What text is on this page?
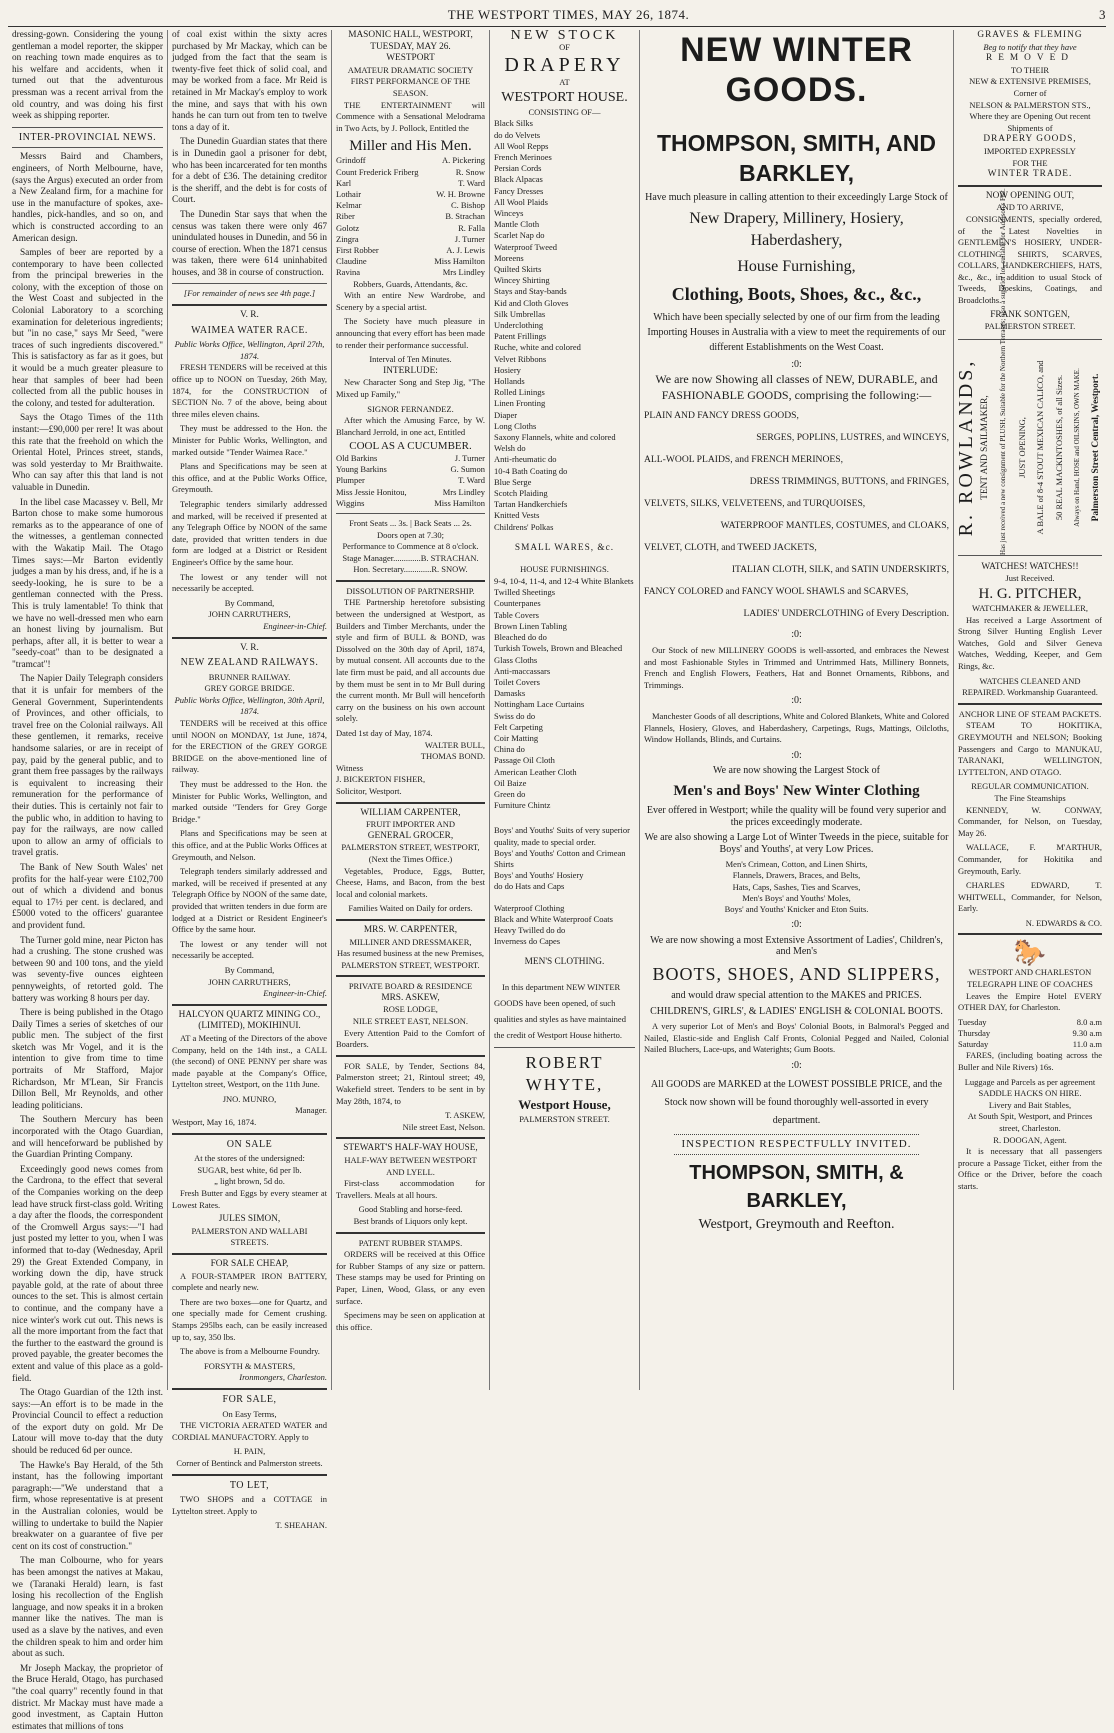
THE WESTPORT TIMES, MAY 26, 1874.	3

dressing-gown. Considering the young gentleman a model reporter, the skipper on reaching town made enquires as to his welfare and accidents, when it turned out that the adventurous pressman was a recent arrival from the old country, and was doing his first week as shipping reporter.

INTER-PROVINCIAL NEWS.

Messrs Baird and Chambers, engineers, of North Melbourne, have, (says the Argus) executed an order from a New Zealand firm, for a machine for use in the manufacture of spokes, axe-handles, pick-handles, and so on, and which is constructed according to an American design.

Samples of beer are reported by a contemporary to have been collected from the principal breweries in the colony, with the exception of those on the West Coast and subjected in the Colonial Laboratory to a scorching examination for deleterious ingredients; but "in no case," says Mr Seed, "were traces of such ingredients discovered." This is satisfactory as far as it goes, but it would be a much greater pleasure to hear that samples of beer had been collected from all the public houses in the colony, and tested for adulteration.

Says the Otago Times of the 11th instant:—£90,000 per rere! It was about this rate that the freehold on which the Oriental Hotel, Princes street, stands, was sold yesterday to Mr Braithwaite. Who can say after this that land is not valuable in Dunedin.

In the libel case Macassey v. Bell, Mr Barton chose to make some humorous remarks as to the appearance of one of the witnesses, a gentleman connected with the Wakatip Mail. The Otago Times says:—Mr Barton evidently judges a man by his dress, and, if he is a seedy-looking, he is sure to be a gentleman connected with the Press. This is truly lamentable! To think that we have no well-dressed men who earn an honest living by journalism. But perhaps, after all, it is better to wear a "seedy-coat" than to be designated a "tramcat"!

The Napier Daily Telegraph considers that it is unfair for members of the General Government, Superintendents of Provinces, and other officials, to travel free on the Colonial railways. All these gentlemen, it remarks, receive handsome salaries, or are in receipt of pay, paid by the general public, and to grant them free passages by the railways is equivalent to increasing their remuneration for the performance of their duties. This is certainly not fair to the public who, in addition to having to pay for the railways, are now called upon to allow an army of officials to travel gratis.

The Bank of New South Wales' net profits for the half-year were £102,700 out of which a dividend and bonus equal to 17½ per cent. is declared, and £5000 voted to the officers' guarantee and provident fund.

The Turner gold mine, near Picton has had a crushing. The stone crushed was between 90 and 100 tons, and the yield was seventy-five ounces eighteen pennyweights, of retorted gold. The battery was working 8 hours per day.

There is being published in the Otago Daily Times a series of sketches of our public men. The subject of the first sketch was Mr Vogel, and it is the intention to give from time to time portraits of Mr Stafford, Major Richardson, Mr M'Lean, Sir Francis Dillon Bell, Mr Reynolds, and other leading politicians.

The Southern Mercury has been incorporated with the Otago Guardian, and will henceforward be published by the Guardian Printing Company.

Exceedingly good news comes from the Cardrona, to the effect that several of the Companies working on the deep lead have struck first-class gold. Writing a day after the floods, the correspondent of the Cromwell Argus says:—"I had just posted my letter to you, when I was informed that to-day (Wednesday, April 29) the Great Extended Company, in working down the dip, have struck payable gold, at the rate of about three ounces to the set. This is almost certain to continue, and the company have a nice winter's work cut out. This news is all the more important from the fact that the further to the eastward the ground is proved payable, the greater becomes the extent and value of this place as a gold-field.

The Otago Guardian of the 12th inst. says:—An effort is to be made in the Provincial Council to effect a reduction of the export duty on gold. Mr De Latour will move to-day that the duty should be reduced 6d per ounce.

The Hawke's Bay Herald, of the 5th instant, has the following important paragraph:—"We understand that a firm, whose representative is at present in the Australian colonies, would be willing to undertake to build the Napier breakwater on a guarantee of five per cent on its cost of construction."

The man Colbourne, who for years has been amongst the natives at Makau, we (Taranaki Herald) learn, is fast losing his recollection of the English language, and now speaks it in a broken manner like the natives. The man is used as a slave by the natives, and even the children speak to him and order him about as such.

Mr Joseph Mackay, the proprietor of the Bruce Herald, Otago, has purchased "the coal quarry" recently found in that district. Mr Mackay must have made a good investment, as Captain Hutton estimates that millions of tons

of coal exist within the sixty acres purchased by Mr Mackay, which can be judged from the fact that the seam is twenty-five feet thick of solid coal, and may be worked from a face. Mr Reid is retained in Mr Mackay's employ to work the mine, and says that with his own hands he can turn out from ten to twelve tons a day of it.

The Dunedin Guardian states that there is in Dunedin gaol a prisoner for debt, who has been incarcerated for ten months for a debt of £36. The detaining creditor is the sheriff, and the debt is for costs of Court.

The Dunedin Star says that when the census was taken there were only 467 unindulated houses in Dunedin, and 56 in course of erection. When the 1871 census was taken, there were 614 uninhabited houses, and 38 in course of construction.

[For remainder of news see 4th page.]
V. R.
WAIMEA WATER RACE.
Public Works Office, Wellington, April 27th, 1874.

FRESH TENDERS will be received at this office up to NOON on Tuesday, 26th May, 1874, for the CONSTRUCTION of SECTION No. 7 of the above, being about three miles eleven chains.

They must be addressed to the Hon. the Minister for Public Works, Wellington, and marked outside "Tender Waimea Race."

Plans and Specifications may be seen at this office, and at the Public Works Office, Greymouth.

Telegraphic tenders similarly addressed and marked, will be received if presented at any Telegraph Office by NOON of the same date, provided that written tenders in due form are lodged at a District or Resident Engineer's Office by the same hour.

The lowest or any tender will not necessarily be accepted.

By Command,
JOHN CARRUTHERS,
Engineer-in-Chief.
V. R.
NEW ZEALAND RAILWAYS.
BRUNNER RAILWAY.
GREY GORGE BRIDGE.
Public Works Office, Wellington, 30th April, 1874.

TENDERS will be received at this office until NOON on MONDAY, 1st June, 1874, for the ERECTION of the GREY GORGE BRIDGE on the above-mentioned line of railway.

They must be addressed to the Hon. the Minister for Public Works, Wellington, and marked outside "Tenders for Grey Gorge Bridge."

Plans and Specifications may be seen at this office, and at the Public Works Offices at Greymouth, and Nelson.

Telegraph tenders similarly addressed and marked, will be received if presented at any Telegraph Office by NOON of the same date, provided that written tenders in due form are lodged at a District or Resident Engineer's Office by the same hour.

The lowest or any tender will not necessarily be accepted.

By Command,
JOHN CARRUTHERS,
Engineer-in-Chief.
HALCYON QUARTZ MINING CO., (LIMITED), MOKIHINUI.

AT a Meeting of the Directors of the above Company, held on the 14th inst., a CALL (the second) of ONE PENNY per share was made payable at the Company's Office, Lyttelton street, Westport, on the 11th June.

JNO. MUNRO,
Manager.
Westport, May 16, 1874.
ON SALE
At the stores of the undersigned:
SUGAR, best white, 6d per lb.
„ light brown, 5d do.

Fresh Butter and Eggs by every steamer at Lowest Rates.

JULES SIMON,
PALMERSTON AND WALLABI STREETS.
FOR SALE CHEAP,

A FOUR-STAMPER IRON BATTERY, complete and nearly new.

There are two boxes—one for Quartz, and one specially made for Cement crushing. Stamps 295lbs each, can be easily increased up to, say, 350 lbs.

The above is from a Melbourne Foundry.

FORSYTH & MASTERS,
Ironmongers, Charleston.
FOR SALE,
On Easy Terms,

THE VICTORIA AERATED WATER and CORDIAL MANUFACTORY. Apply to

H. PAIN,
Corner of Bentinck and Palmerston streets.
TO LET,

TWO SHOPS and a COTTAGE in Lyttelton street. Apply to

T. SHEAHAN.
MASONIC HALL, WESTPORT,
TUESDAY, MAY 26.
WESTPORT
AMATEUR DRAMATIC SOCIETY
FIRST PERFORMANCE OF THE SEASON.

THE ENTERTAINMENT will Commence with a Sensational Melodrama in Two Acts, by J. Pollock, Entitled the

Miller and His Men.
Grindoff	A. Pickering
Count Frederick Friberg	R. Snow
Karl	T. Ward
Lothair	W. H. Browne
Kelmar	C. Bishop
Riber	B. Strachan
Golotz	R. Falla
Zingra	J. Turner
First Robber	A. J. Lewis
Claudine	Miss Hamilton
Ravina	Mrs Lindley
Robbers, Guards, Attendants, &c.

With an entire New Wardrobe, and Scenery by a special artist.

The Society have much pleasure in announcing that every effort has been made to render their performance successful.

Interval of Ten Minutes.
INTERLUDE:

New Character Song and Step Jig, "The Mixed up Family,"

SIGNOR FERNANDEZ.

After which the Amusing Farce, by W. Blanchard Jerrold, in one act, Entitled

COOL AS A CUCUMBER.
Old Barkins	J. Turner
Young Barkins	G. Sumon
Plumper	T. Ward
Miss Jessie Honitou,	Mrs Lindley
Wiggins	Miss Hamilton
Front Seats ... 3s. | Back Seats ... 2s.
Doors open at 7.30;
Performance to Commence at 8 o'clock.
Stage Manager.............B. STRACHAN.
Hon. Secretary.............R. SNOW.
DISSOLUTION OF PARTNERSHIP.

THE Partnership heretofore subsisting between the undersigned at Westport, as Builders and Timber Merchants, under the style and firm of BULL & BOND, was Dissolved on the 30th day of April, 1874, by mutual consent. All accounts due to the late firm must be paid, and all accounts due by them must be sent in to Mr Bull during the current month. Mr Bull will henceforth carry on the business on his own account solely.

Dated 1st day of May, 1874.
WALTER BULL,
THOMAS BOND.
Witness
J. BICKERTON FISHER,
Solicitor, Westport.
WILLIAM CARPENTER,
FRUIT IMPORTER AND
GENERAL GROCER,
PALMERSTON STREET, WESTPORT,
(Next the Times Office.)

Vegetables, Produce, Eggs, Butter, Cheese, Hams, and Bacon, from the best local and colonial markets.

Families Waited on Daily for orders.
MRS. W. CARPENTER,
MILLINER AND DRESSMAKER,
Has resumed business at the new Premises,
PALMERSTON STREET, WESTPORT.
PRIVATE BOARD & RESIDENCE
MRS. ASKEW,
ROSE LODGE,
NILE STREET EAST, NELSON.

Every Attention Paid to the Comfort of Boarders.

FOR SALE, by Tender, Sections 84, Palmerston street; 21, Rintoul street; 49, Wakefield street. Tenders to be sent in by May 28th, 1874, to

T. ASKEW,
Nile street East, Nelson.
STEWART'S HALF-WAY HOUSE,
HALF-WAY BETWEEN WESTPORT AND LYELL.

First-class accommodation for Travellers. Meals at all hours.

Good Stabling and horse-feed.
Best brands of Liquors only kept.
PATENT RUBBER STAMPS.

ORDERS will be received at this Office for Rubber Stamps of any size or pattern. These stamps may be used for Printing on Paper, Linen, Wood, Glass, or any even surface.

Specimens may be seen on application at this office.

NEW STOCK
OF
DRAPERY
AT
WESTPORT HOUSE.
CONSISTING OF—
Black Silks
do do Velvets
All Wool Repps
French Merinoes
Persian Cords
Black Alpacas
Fancy Dresses
All Wool Plaids
Winceys
Mantle Cloth
Scarlet Nap do
Waterproof Tweed
Moreens
Quilted Skirts
Wincey Shirting
Stays and Stay-bands
Kid and Cloth Gloves
Silk Umbrellas
Underclothing
Patent Frillings
Ruche, white and colored
Velvet Ribbons
Hosiery
Hollands
Rolled Linings
Linen Fronting
Diaper
Long Cloths
Saxony Flannels, white and colored
Welsh do
Anti-rheumatic do
10-4 Bath Coating do
Blue Serge
Scotch Plaiding
Tartan Handkerchiefs
Knitted Vests
Childrens' Polkas
SMALL WARES, &c.
HOUSE FURNISHINGS.
9-4, 10-4, 11-4, and 12-4 White Blankets
Twilled Sheetings
Counterpanes
Table Covers
Brown Linen Tabling
Bleached do do
Turkish Towels, Brown and Bleached
Glass Cloths
Anti-maccassars
Toilet Covers
Damasks
Nottingham Lace Curtains
Swiss do do
Felt Carpeting
Coir Matting
China do
Passage Oil Cloth
American Leather Cloth
Oil Baize
Green do
Furniture Chintz
Boys' and Youths' Suits of very superior quality, made to special order.
Boys' and Youths' Cotton and Crimean Shirts
Boys' and Youths' Hosiery
do do Hats and Caps
Waterproof Clothing
Black and White Waterproof Coats
Heavy Twilled do do
Inverness do Capes
MEN'S CLOTHING.

In this department NEW WINTER GOODS have been opened, of such qualities and styles as have maintained the credit of Westport House hitherto.

ROBERT WHYTE,
Westport House,
PALMERSTON STREET.
NEW WINTER GOODS.
THOMPSON, SMITH, AND BARKLEY,
Have much pleasure in calling attention to their exceedingly Large Stock of
New Drapery, Millinery, Hosiery, Haberdashery,
House Furnishing,
Clothing, Boots, Shoes, &c., &c.,
Which have been specially selected by one of our firm from the leading Importing Houses in Australia with a view to meet the requirements of our different Establishments on the West Coast.
:0:
We are now Showing all classes of NEW, DURABLE, and
FASHIONABLE GOODS, comprising the following:—
PLAIN AND FANCY DRESS GOODS,
SERGES, POPLINS, LUSTRES, and WINCEYS,
ALL-WOOL PLAIDS, and FRENCH MERINOES,
DRESS TRIMMINGS, BUTTONS, and FRINGES,
VELVETS, SILKS, VELVETEENS, and TURQUOISES,
WATERPROOF MANTLES, COSTUMES, and CLOAKS,
VELVET, CLOTH, and TWEED JACKETS,
ITALIAN CLOTH, SILK, and SATIN UNDERSKIRTS,
FANCY COLORED and FANCY WOOL SHAWLS and SCARVES,
LADIES' UNDERCLOTHING of Every Description.
:0:

Our Stock of new MILLINERY GOODS is well-assorted, and embraces the Newest and most Fashionable Styles in Trimmed and Untrimmed Hats, Millinery Bonnets, French and English Flowers, Feathers, Hat and Bonnet Ornaments, Ribbons, and Trimmings.

:0:

Manchester Goods of all descriptions, White and Colored Blankets, White and Colored Flannels, Hosiery, Gloves, and Haberdashery, Carpetings, Rugs, Mattings, Oilcloths, Window Hollands, Blinds, and Curtains.

:0:
We are now showing the Largest Stock of
Men's and Boys' New Winter Clothing
Ever offered in Westport; while the quality will be found very superior and the prices exceedingly moderate.
We are also showing a Large Lot of Winter Tweeds in the piece, suitable for Boys' and Youths', at very Low Prices.
Men's Crimean, Cotton, and Linen Shirts,
Flannels, Drawers, Braces, and Belts,
Hats, Caps, Sashes, Ties and Scarves,
Men's Boys' and Youths' Moles,
Boys' and Youths' Knicker and Eton Suits.
:0:
We are now showing a most Extensive Assortment of Ladies', Children's, and Men's
BOOTS, SHOES, AND SLIPPERS,
and would draw special attention to the MAKES and PRICES.
CHILDREN'S, GIRLS', & LADIES' ENGLISH & COLONIAL BOOTS.

A very superior Lot of Men's and Boys' Colonial Boots, in Balmoral's Pegged and Nailed, Elastic-side and English Calf Fronts, Colonial Pegged and Nailed, Colonial Nailed Bluchers, Lace-ups, and Waterights; Gum Boots.

:0:
All GOODS are MARKED at the LOWEST POSSIBLE PRICE, and the Stock now shown will be found thoroughly well-assorted in every department.
INSPECTION RESPECTFULLY INVITED.
THOMPSON, SMITH, & BARKLEY,
Westport, Greymouth and Reefton.
GRAVES & FLEMING
Beg to notify that they have
REMOVED
TO THEIR
NEW & EXTENSIVE PREMISES,
Corner of
NELSON & PALMERSTON STS.,
Where they are Opening Out recent
Shipments of
DRAPERY GOODS,
IMPORTED EXPRESSLY
FOR THE
WINTER TRADE.
NOW OPENING OUT,
AND TO ARRIVE,

CONSIGNMENTS, specially ordered, of the Latest Novelties in GENTLEMEN'S HOSIERY, UNDER-CLOTHING, SHIRTS, SCARVES, COLLARS, HANDKERCHIEFS, HATS, &c., &c., in addition to usual Stock of Tweeds, Doeskins, Coatings, and Broadcloths.

FRANK SONTGEN,
PALMERSTON STREET.
R. ROWLANDS, TENT AND SAILMAKER, Has just received a new consignment of PLUSH, Suitable for the Northern Terraces; also a superior lot, suitable for Addison's Flat.	JUST OPENING, A BALE of 8-4 STOUT MEXICAN CALICO, and 50 REAL MACKINTOSHES, of all Sizes. Always on Hand, HOSE and OILSKINS, OWN MAKE. Palmerston Street Central, Westport.
WATCHES! WATCHES!!
Just Received.
H. G. PITCHER,
WATCHMAKER & JEWELLER,

Has received a Large Assortment of Strong Silver Hunting English Lever Watches, Gold and Silver Geneva Watches, Wedding, Keeper, and Gem Rings, &c.

WATCHES CLEANED AND REPAIRED. Workmanship Guaranteed.
ANCHOR LINE OF STEAM PACKETS.

STEAM TO HOKITIKA, GREYMOUTH and NELSON; Booking Passengers and Cargo to MANUKAU, TARANAKI, WELLINGTON, LYTTELTON, AND OTAGO.

REGULAR COMMUNICATION.
The Fine Steamships

KENNEDY, W. CONWAY, Commander, for Nelson, on Tuesday, May 26.

WALLACE, F. M'ARTHUR, Commander, for Hokitika and Greymouth, Early.

CHARLES EDWARD, T. WHITWELL, Commander, for Nelson, Early.

N. EDWARDS & CO.
🐎
WESTPORT AND CHARLESTON
TELEGRAPH LINE OF COACHES

Leaves the Empire Hotel EVERY OTHER DAY, for Charleston.

Tuesday	8.0 a.m
Thursday	9.30 a.m
Saturday	11.0 a.m

FARES, (including boating across the Buller and Nile Rivers) 16s.

Luggage and Parcels as per agreement
SADDLE HACKS ON HIRE.
Livery and Bait Stables,
At South Spit, Westport, and Princes street, Charleston.
R. DOOGAN, Agent.

It is necessary that all passengers procure a Passage Ticket, either from the Office or the Driver, before the coach starts.
